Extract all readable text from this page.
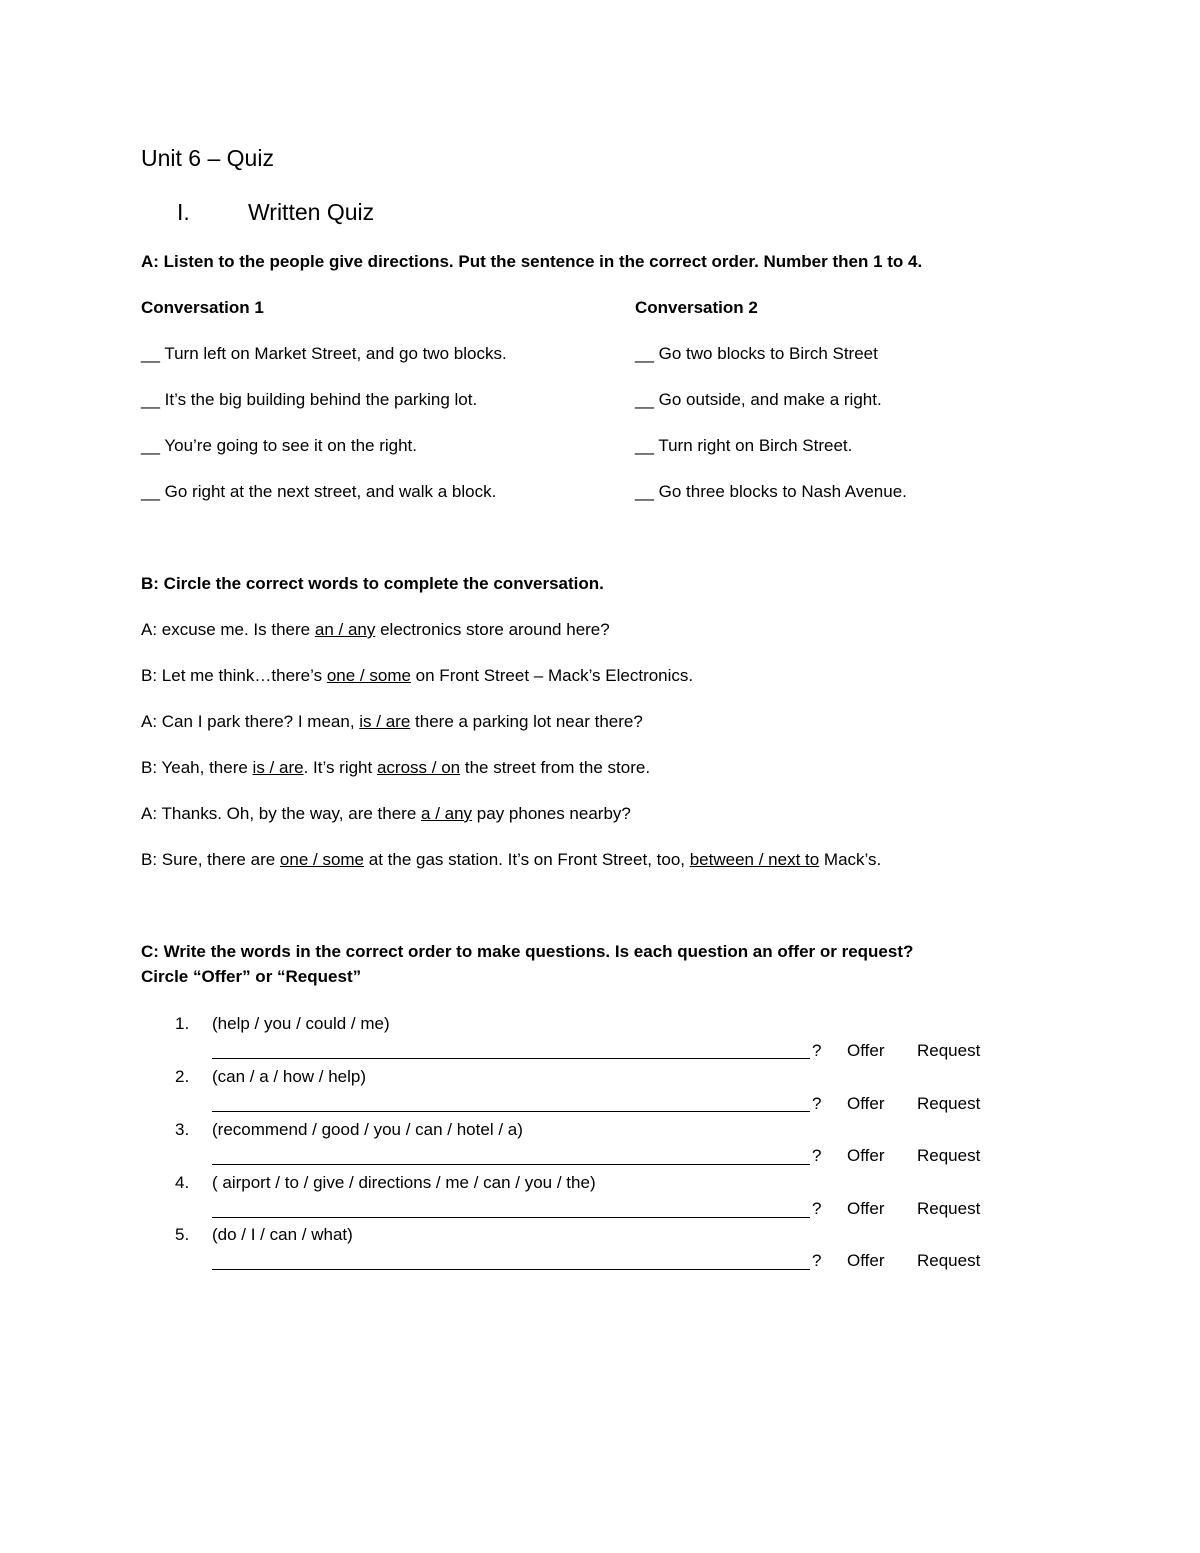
Unit 6 – Quiz
I.	Written Quiz
A: Listen to the people give directions. Put the sentence in the correct order. Number then 1 to 4.
Conversation 1	Conversation 2
__ Turn left on Market Street, and go two blocks.
__ It’s the big building behind the parking lot.
__ You’re going to see it on the right.
__ Go right at the next street, and walk a block.
__ Go two blocks to Birch Street
__ Go outside, and make a right.
__ Turn right on Birch Street.
__ Go three blocks to Nash Avenue.
B: Circle the correct words to complete the conversation.
A: excuse me. Is there an / any electronics store around here?
B: Let me think…there’s one / some on Front Street – Mack’s Electronics.
A: Can I park there? I mean, is / are there a parking lot near there?
B: Yeah, there is / are. It’s right across / on the street from the store.
A: Thanks. Oh, by the way, are there a / any pay phones nearby?
B: Sure, there are one / some at the gas station. It’s on Front Street, too, between / next to Mack’s.
C: Write the words in the correct order to make questions. Is each question an offer or request?
Circle “Offer” or “Request”
1. (help / you / could / me)
? Offer Request
2. (can / a / how / help)
? Offer Request
3. (recommend / good / you / can / hotel / a)
? Offer Request
4. ( airport / to / give / directions / me / can / you / the)
? Offer Request
5. (do / I / can / what)
? Offer Request
